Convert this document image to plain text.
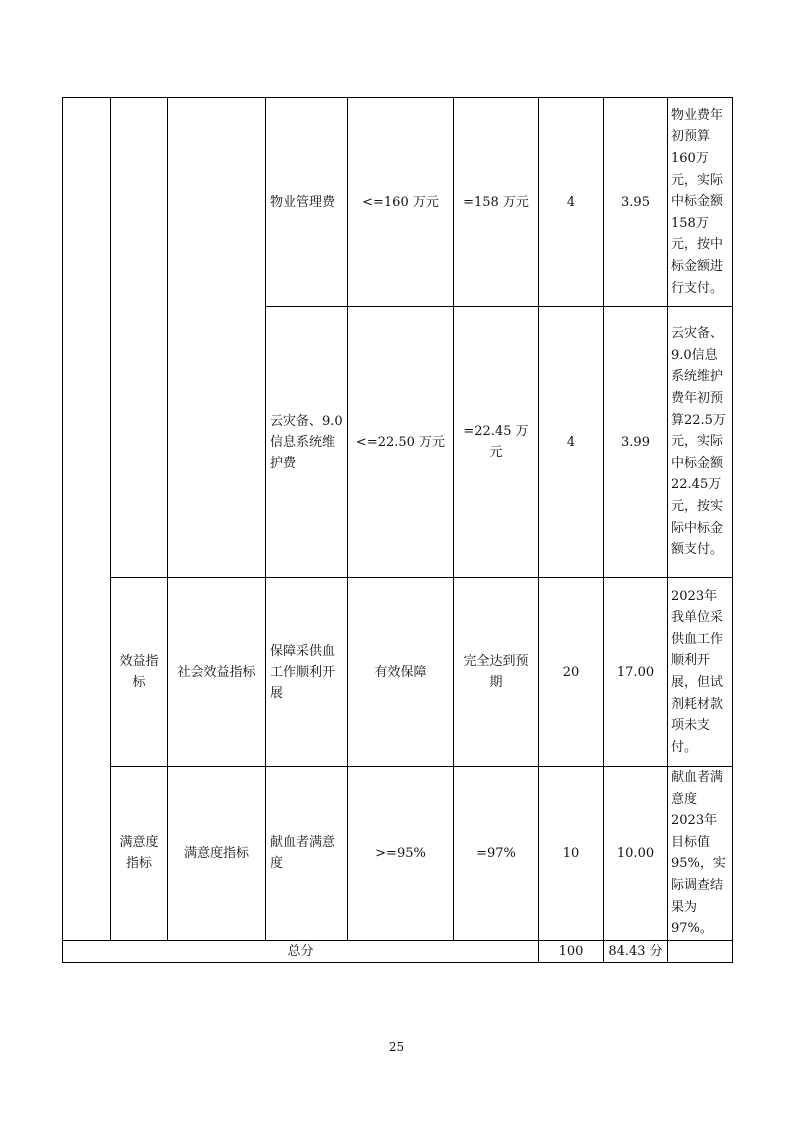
			物业管理费	<=160 万元	=158 万元	4	3.95	物业费年初预算160万元，实际中标金额158万元，按中标金额进行支付。
			云灾备、9.0信息系统维护费	<=22.50 万元	=22.45 万元	4	3.99	云灾备、9.0信息系统维护费年初预算22.5万元，实际中标金额22.45万元，按实际中标金额支付。
	效益指标	社会效益指标	保障采供血工作顺利开展	有效保障	完全达到预期	20	17.00	2023年我单位采供血工作顺利开展，但试剂耗材款项未支付。
	满意度指标	满意度指标	献血者满意度	>=95%	=97%	10	10.00	献血者满意度2023年目标值95%，实际调查结果为97%。
总分						100	84.43 分	
25
